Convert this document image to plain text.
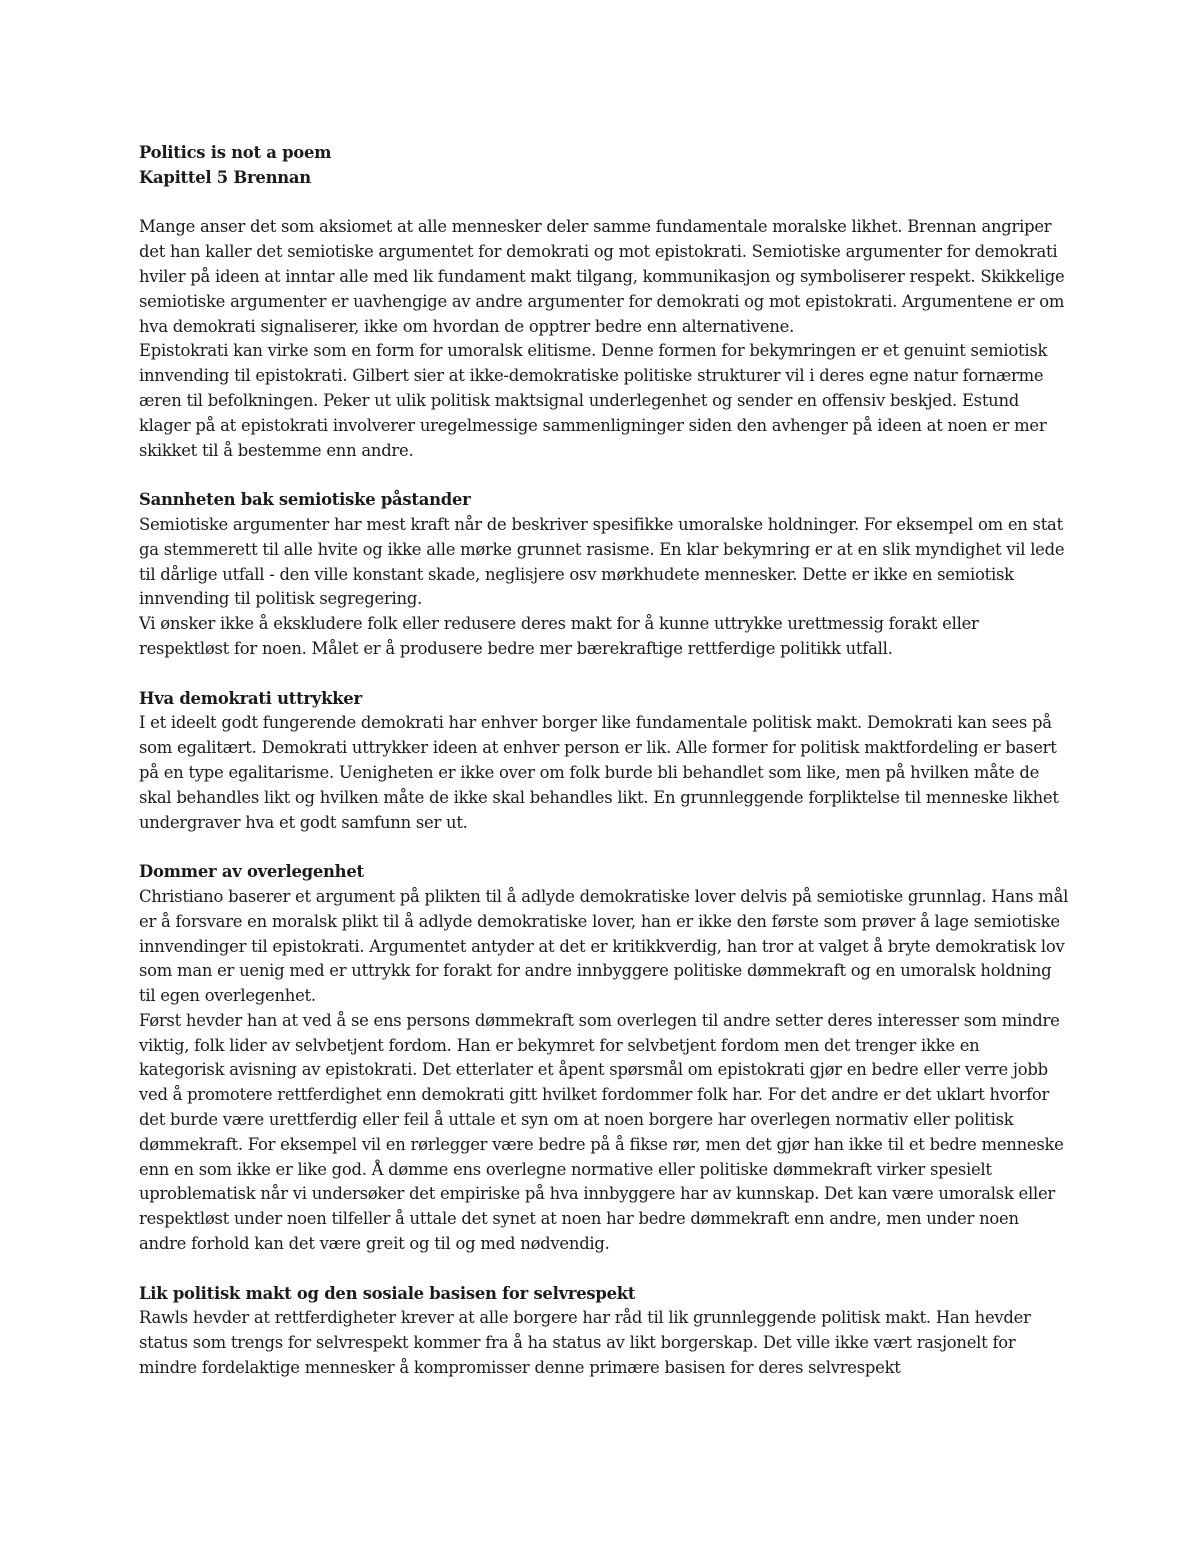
Politics is not a poem
Kapittel 5 Brennan
Mange anser det som aksiomet at alle mennesker deler samme fundamentale moralske likhet. Brennan angriper det han kaller det semiotiske argumentet for demokrati og mot epistokrati. Semiotiske argumenter for demokrati hviler på ideen at inntar alle med lik fundament makt tilgang, kommunikasjon og symboliserer respekt. Skikkelige semiotiske argumenter er uavhengige av andre argumenter for demokrati og mot epistokrati. Argumentene er om hva demokrati signaliserer, ikke om hvordan de opptrer bedre enn alternativene.
Epistokrati kan virke som en form for umoralsk elitisme. Denne formen for bekymringen er et genuint semiotisk innvending til epistokrati. Gilbert sier at ikke-demokratiske politiske strukturer vil i deres egne natur fornærme æren til befolkningen. Peker ut ulik politisk maktsignal underlegenhet og sender en offensiv beskjed. Estund klager på at epistokrati involverer uregelmessige sammenligninger siden den avhenger på ideen at noen er mer skikket til å bestemme enn andre.
Sannheten bak semiotiske påstander
Semiotiske argumenter har mest kraft når de beskriver spesifikke umoralske holdninger. For eksempel om en stat ga stemmerett til alle hvite og ikke alle mørke grunnet rasisme. En klar bekymring er at en slik myndighet vil lede til dårlige utfall - den ville konstant skade, neglisjere osv mørkhudete mennesker. Dette er ikke en semiotisk innvending til politisk segregering.
Vi ønsker ikke å ekskludere folk eller redusere deres makt for å kunne uttrykke urettmessig forakt eller respektløst for noen. Målet er å produsere bedre mer bærekraftige rettferdige politikk utfall.
Hva demokrati uttrykker
I et ideelt godt fungerende demokrati har enhver borger like fundamentale politisk makt. Demokrati kan sees på som egalitært. Demokrati uttrykker ideen at enhver person er lik. Alle former for politisk maktfordeling er basert på en type egalitarisme. Uenigheten er ikke over om folk burde bli behandlet som like, men på hvilken måte de skal behandles likt og hvilken måte de ikke skal behandles likt. En grunnleggende forpliktelse til menneske likhet undergraver hva et godt samfunn ser ut.
Dommer av overlegenhet
Christiano baserer et argument på plikten til å adlyde demokratiske lover delvis på semiotiske grunnlag. Hans mål er å forsvare en moralsk plikt til å adlyde demokratiske lover, han er ikke den første som prøver å lage semiotiske innvendinger til epistokrati. Argumentet antyder at det er kritikkverdig, han tror at valget å bryte demokratisk lov som man er uenig med er uttrykk for forakt for andre innbyggere politiske dømmekraft og en umoralsk holdning til egen overlegenhet.
Først hevder han at ved å se ens persons dømmekraft som overlegen til andre setter deres interesser som mindre viktig, folk lider av selvbetjent fordom. Han er bekymret for selvbetjent fordom men det trenger ikke en kategorisk avisning av epistokrati. Det etterlater et åpent spørsmål om epistokrati gjør en bedre eller verre jobb ved å promotere rettferdighet enn demokrati gitt hvilket fordommer folk har. For det andre er det uklart hvorfor det burde være urettferdig eller feil å uttale et syn om at noen borgere har overlegen normativ eller politisk dømmekraft. For eksempel vil en rørlegger være bedre på å fikse rør, men det gjør han ikke til et bedre menneske enn en som ikke er like god. Å dømme ens overlegne normative eller politiske dømmekraft virker spesielt uproblematisk når vi undersøker det empiriske på hva innbyggere har av kunnskap. Det kan være umoralsk eller respektløst under noen tilfeller å uttale det synet at noen har bedre dømmekraft enn andre, men under noen andre forhold kan det være greit og til og med nødvendig.
Lik politisk makt og den sosiale basisen for selvrespekt
Rawls hevder at rettferdigheter krever at alle borgere har råd til lik grunnleggende politisk makt. Han hevder status som trengs for selvrespekt kommer fra å ha status av likt borgerskap. Det ville ikke vært rasjonelt for mindre fordelaktige mennesker å kompromisser denne primære basisen for deres selvrespekt
